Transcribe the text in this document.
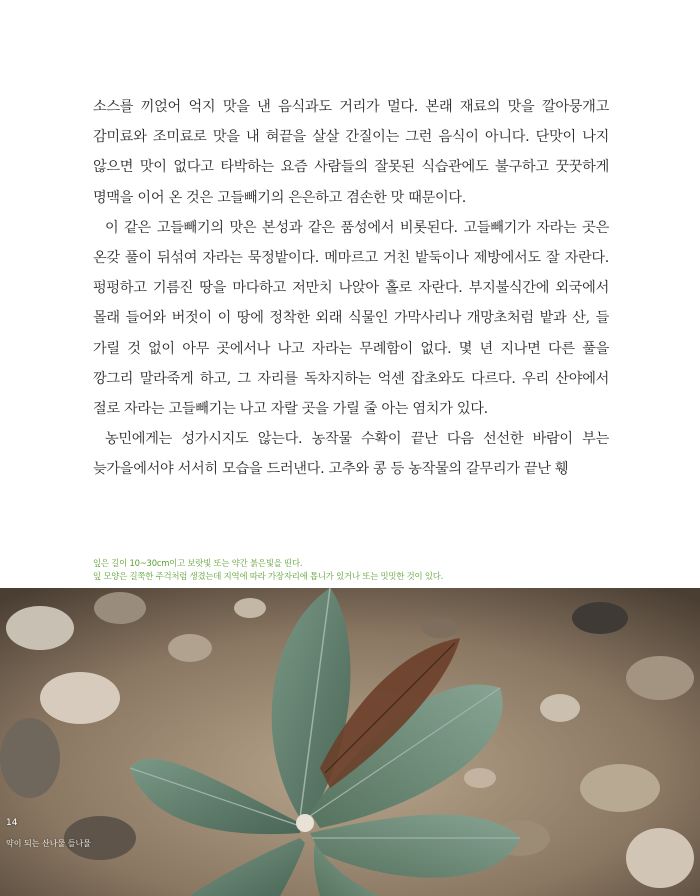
소스를 끼얹어 억지 맛을 낸 음식과도 거리가 멀다. 본래 재료의 맛을 깔아뭉개고 감미료와 조미료로 맛을 내 혀끝을 살살 간질이는 그런 음식이 아니다. 단맛이 나지 않으면 맛이 없다고 타박하는 요즘 사람들의 잘못된 식습관에도 불구하고 꿋꿋하게 명맥을 이어 온 것은 고들빼기의 은은하고 겸손한 맛 때문이다.

이 같은 고들빼기의 맛은 본성과 같은 품성에서 비롯된다. 고들빼기가 자라는 곳은 온갖 풀이 뒤섞여 자라는 묵정밭이다. 메마르고 거친 밭둑이나 제방에서도 잘 자란다. 펑펑하고 기름진 땅을 마다하고 저만치 나앉아 홀로 자란다. 부지불식간에 외국에서 몰래 들어와 버젓이 이 땅에 정착한 외래 식물인 가막사리나 개망초처럼 밭과 산, 들 가릴 것 없이 아무 곳에서나 나고 자라는 무례함이 없다. 몇 년 지나면 다른 풀을 깡그리 말라죽게 하고, 그 자리를 독차지하는 억센 잡초와도 다르다. 우리 산야에서 절로 자라는 고들빼기는 나고 자랄 곳을 가릴 줄 아는 염치가 있다.

농민에게는 성가시지도 않는다. 농작물 수확이 끝난 다음 선선한 바람이 부는 늦가을에서야 서서히 모습을 드러낸다. 고추와 콩 등 농작물의 갈무리가 끝난 휑

잎은 길이 10~30cm이고 보랏빛 또는 약간 붉은빛을 띤다.
잎 모양은 길쭉한 주걱처럼 생겼는데 지역에 따라 가장자리에 톱니가 있거나 또는 밋밋한 것이 있다.
14
약이 되는 산나물 들나물
